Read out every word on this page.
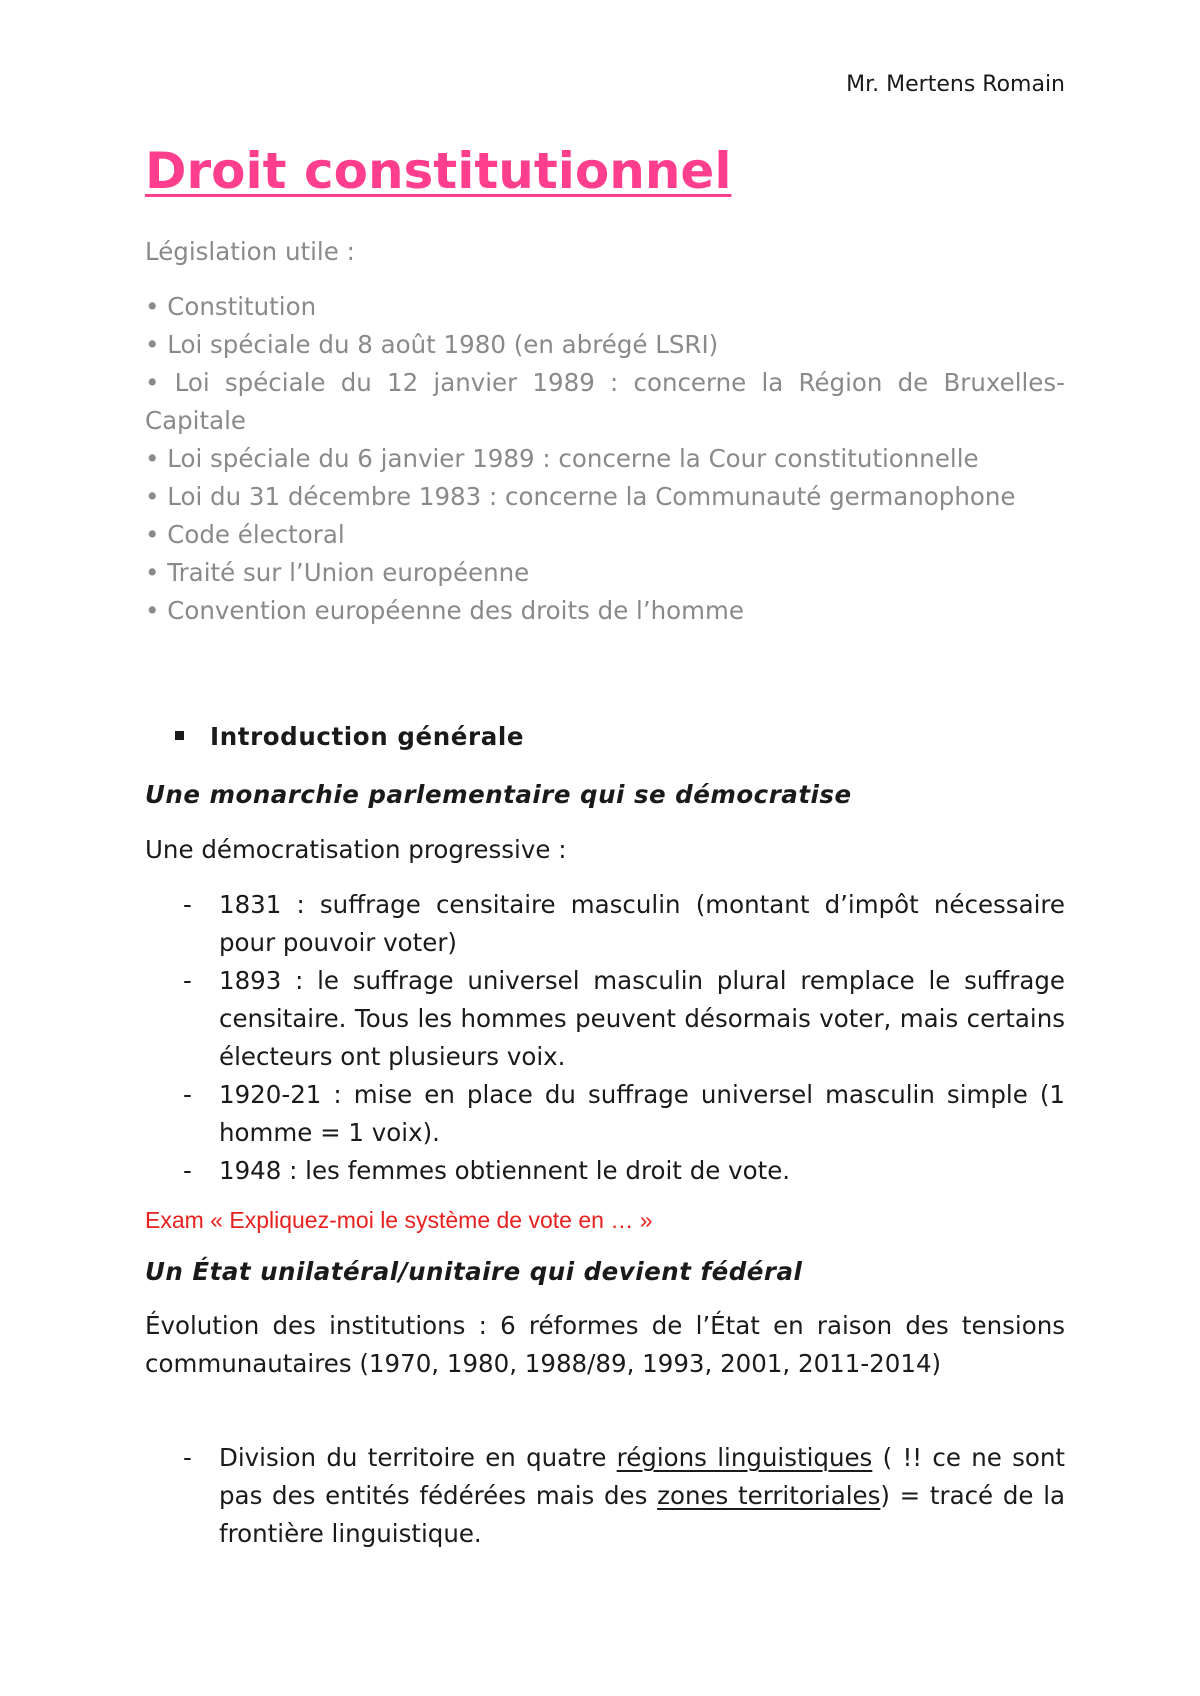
Mr. Mertens Romain
Droit constitutionnel
Législation utile :
• Constitution
• Loi spéciale du 8 août 1980 (en abrégé LSRI)
• Loi spéciale du 12 janvier 1989 : concerne la Région de Bruxelles-Capitale
• Loi spéciale du 6 janvier 1989 : concerne la Cour constitutionnelle
• Loi du 31 décembre 1983 : concerne la Communauté germanophone
• Code électoral
• Traité sur l’Union européenne
• Convention européenne des droits de l’homme
Introduction générale
Une monarchie parlementaire qui se démocratise
Une démocratisation progressive :
- 1831 : suffrage censitaire masculin (montant d’impôt nécessaire pour pouvoir voter)
- 1893 : le suffrage universel masculin plural remplace le suffrage censitaire. Tous les hommes peuvent désormais voter, mais certains électeurs ont plusieurs voix.
- 1920-21 : mise en place du suffrage universel masculin simple (1 homme = 1 voix).
- 1948 : les femmes obtiennent le droit de vote.
Exam « Expliquez-moi le système de vote en … »
Un État unilatéral/unitaire qui devient fédéral
Évolution des institutions : 6 réformes de l’État en raison des tensions communautaires (1970, 1980, 1988/89, 1993, 2001, 2011-2014)
- Division du territoire en quatre régions linguistiques ( !! ce ne sont pas des entités fédérées mais des zones territoriales) = tracé de la frontière linguistique.
